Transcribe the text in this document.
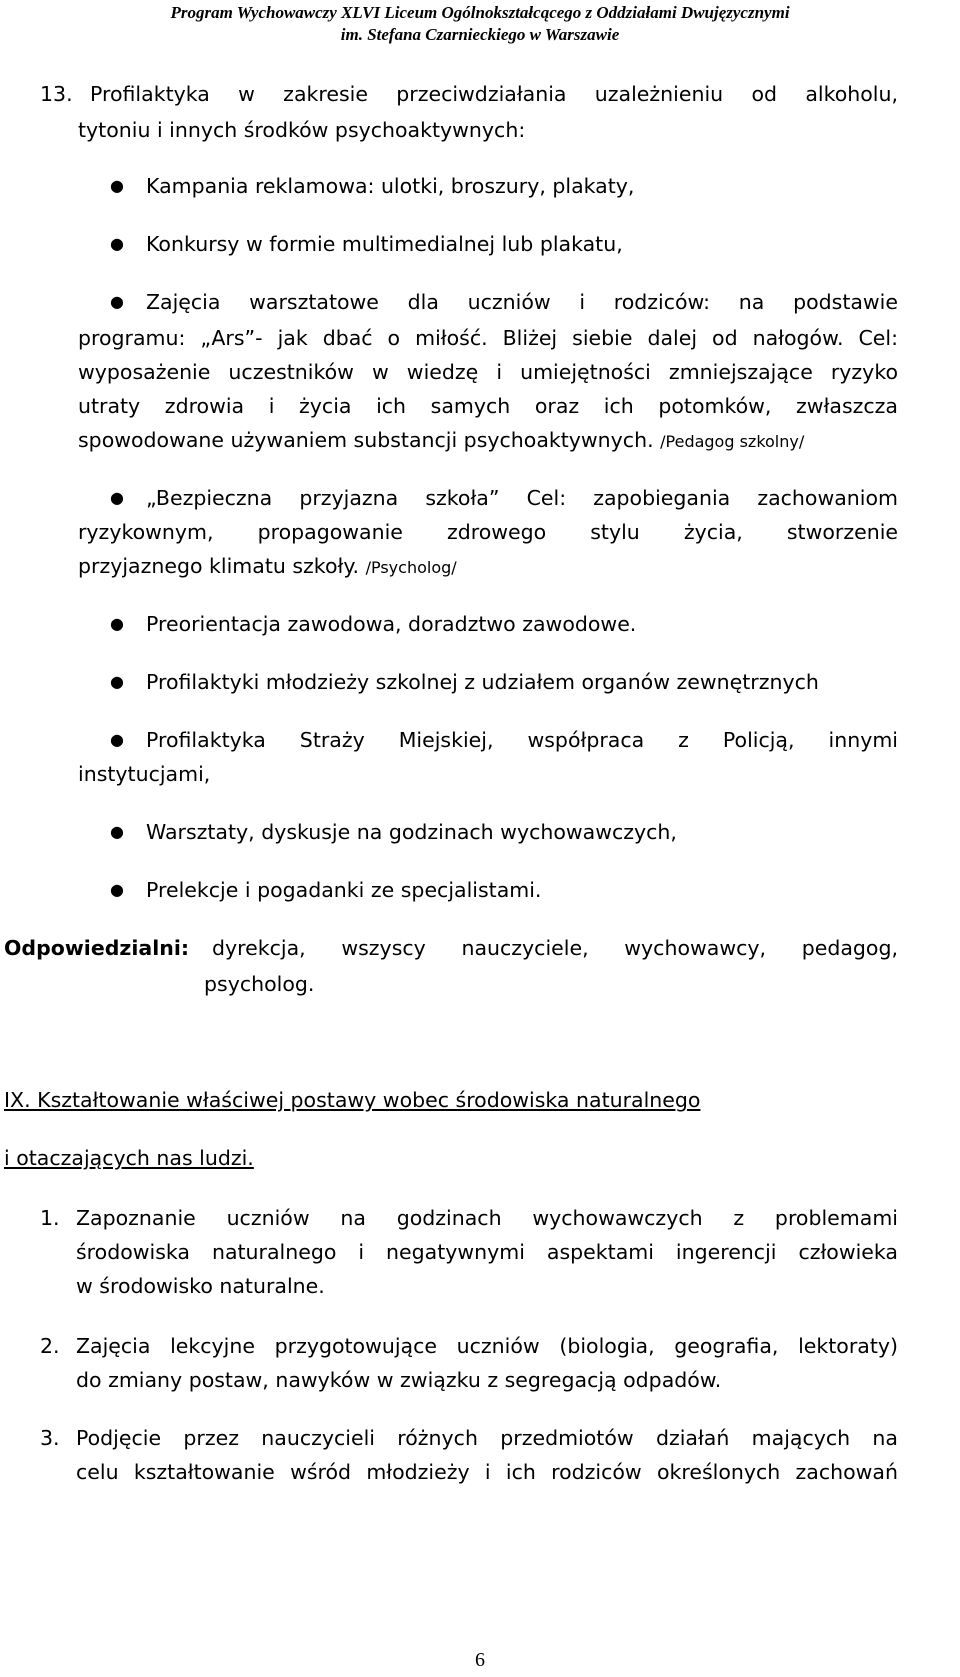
Program Wychowawczy XLVI Liceum Ogólnokształcącego z Oddziałami Dwujęzycznymi
im. Stefana Czarnieckiego w Warszawie
13. Profilaktyka w zakresie przeciwdziałania uzależnieniu od alkoholu,
tytoniu i innych środków psychoaktywnych:
● Kampania reklamowa: ulotki, broszury, plakaty,
● Konkursy w formie multimedialnej lub plakatu,
● Zajęcia warsztatowe dla uczniów i rodziców: na podstawie
programu: „Ars”- jak dbać o miłość. Bliżej siebie dalej od nałogów. Cel:
wyposażenie uczestników w wiedzę i umiejętności zmniejszające ryzyko
utraty zdrowia i życia ich samych oraz ich potomków, zwłaszcza
spowodowane używaniem substancji psychoaktywnych. /Pedagog szkolny/
● „Bezpieczna przyjazna szkoła” Cel: zapobiegania zachowaniom
ryzykownym, propagowanie zdrowego stylu życia, stworzenie
przyjaznego klimatu szkoły. /Psycholog/
● Preorientacja zawodowa, doradztwo zawodowe.
● Profilaktyki młodzieży szkolnej z udziałem organów zewnętrznych
● Profilaktyka Straży Miejskiej, współpraca z Policją, innymi
instytucjami,
● Warsztaty, dyskusje na godzinach wychowawczych,
● Prelekcje i pogadanki ze specjalistami.
Odpowiedzialni: dyrekcja, wszyscy nauczyciele, wychowawcy, pedagog,
psycholog.
IX. Kształtowanie właściwej postawy wobec środowiska naturalnego
i otaczających nas ludzi.
1. Zapoznanie uczniów na godzinach wychowawczych z problemami
środowiska naturalnego i negatywnymi aspektami ingerencji człowieka
w środowisko naturalne.
2. Zajęcia lekcyjne przygotowujące uczniów (biologia, geografia, lektoraty)
do zmiany postaw, nawyków w związku z segregacją odpadów.
3. Podjęcie przez nauczycieli różnych przedmiotów działań mających na
celu kształtowanie wśród młodzieży i ich rodziców określonych zachowań
6
